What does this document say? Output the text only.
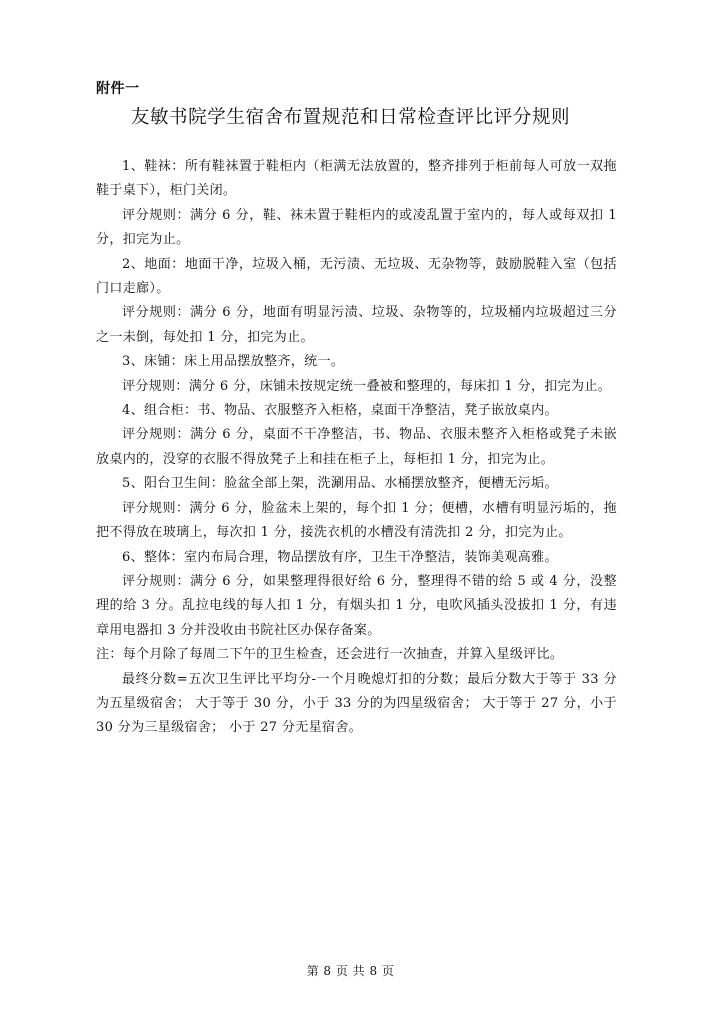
附件一
友敏书院学生宿舍布置规范和日常检查评比评分规则

1、鞋袜：所有鞋袜置于鞋柜内（柜满无法放置的，整齐排列于柜前每人可放一双拖鞋于桌下），柜门关闭。

评分规则：满分 6 分，鞋、袜未置于鞋柜内的或凌乱置于室内的，每人或每双扣 1 分，扣完为止。

2、地面：地面干净，垃圾入桶，无污渍、无垃圾、无杂物等，鼓励脱鞋入室（包括门口走廊）。

评分规则：满分 6 分，地面有明显污渍、垃圾、杂物等的，垃圾桶内垃圾超过三分之一未倒，每处扣 1 分，扣完为止。

3、床铺：床上用品摆放整齐，统一。

评分规则：满分 6 分，床铺未按规定统一叠被和整理的，每床扣 1 分，扣完为止。

4、组合柜：书、物品、衣服整齐入柜格，桌面干净整洁，凳子嵌放桌内。

评分规则：满分 6 分，桌面不干净整洁，书、物品、衣服未整齐入柜格或凳子未嵌放桌内的，没穿的衣服不得放凳子上和挂在柜子上，每柜扣 1 分，扣完为止。

5、阳台卫生间：脸盆全部上架，洗涮用品、水桶摆放整齐，便槽无污垢。

评分规则：满分 6 分，脸盆未上架的，每个扣 1 分；便槽，水槽有明显污垢的，拖把不得放在玻璃上，每次扣 1 分，接洗衣机的水槽没有清洗扣 2 分，扣完为止。

6、整体：室内布局合理，物品摆放有序，卫生干净整洁，装饰美观高雅。

评分规则：满分 6 分，如果整理得很好给 6 分，整理得不错的给 5 或 4 分，没整理的给 3 分。乱拉电线的每人扣 1 分，有烟头扣 1 分，电吹风插头没拔扣 1 分，有违章用电器扣 3 分并没收由书院社区办保存备案。

注：每个月除了每周二下午的卫生检查，还会进行一次抽查，并算入星级评比。

最终分数=五次卫生评比平均分-一个月晚熄灯扣的分数；最后分数大于等于 33 分为五星级宿舍； 大于等于 30 分，小于 33 分的为四星级宿舍； 大于等于 27 分，小于 30 分为三星级宿舍； 小于 27 分无星宿舍。

第 8 页 共 8 页
